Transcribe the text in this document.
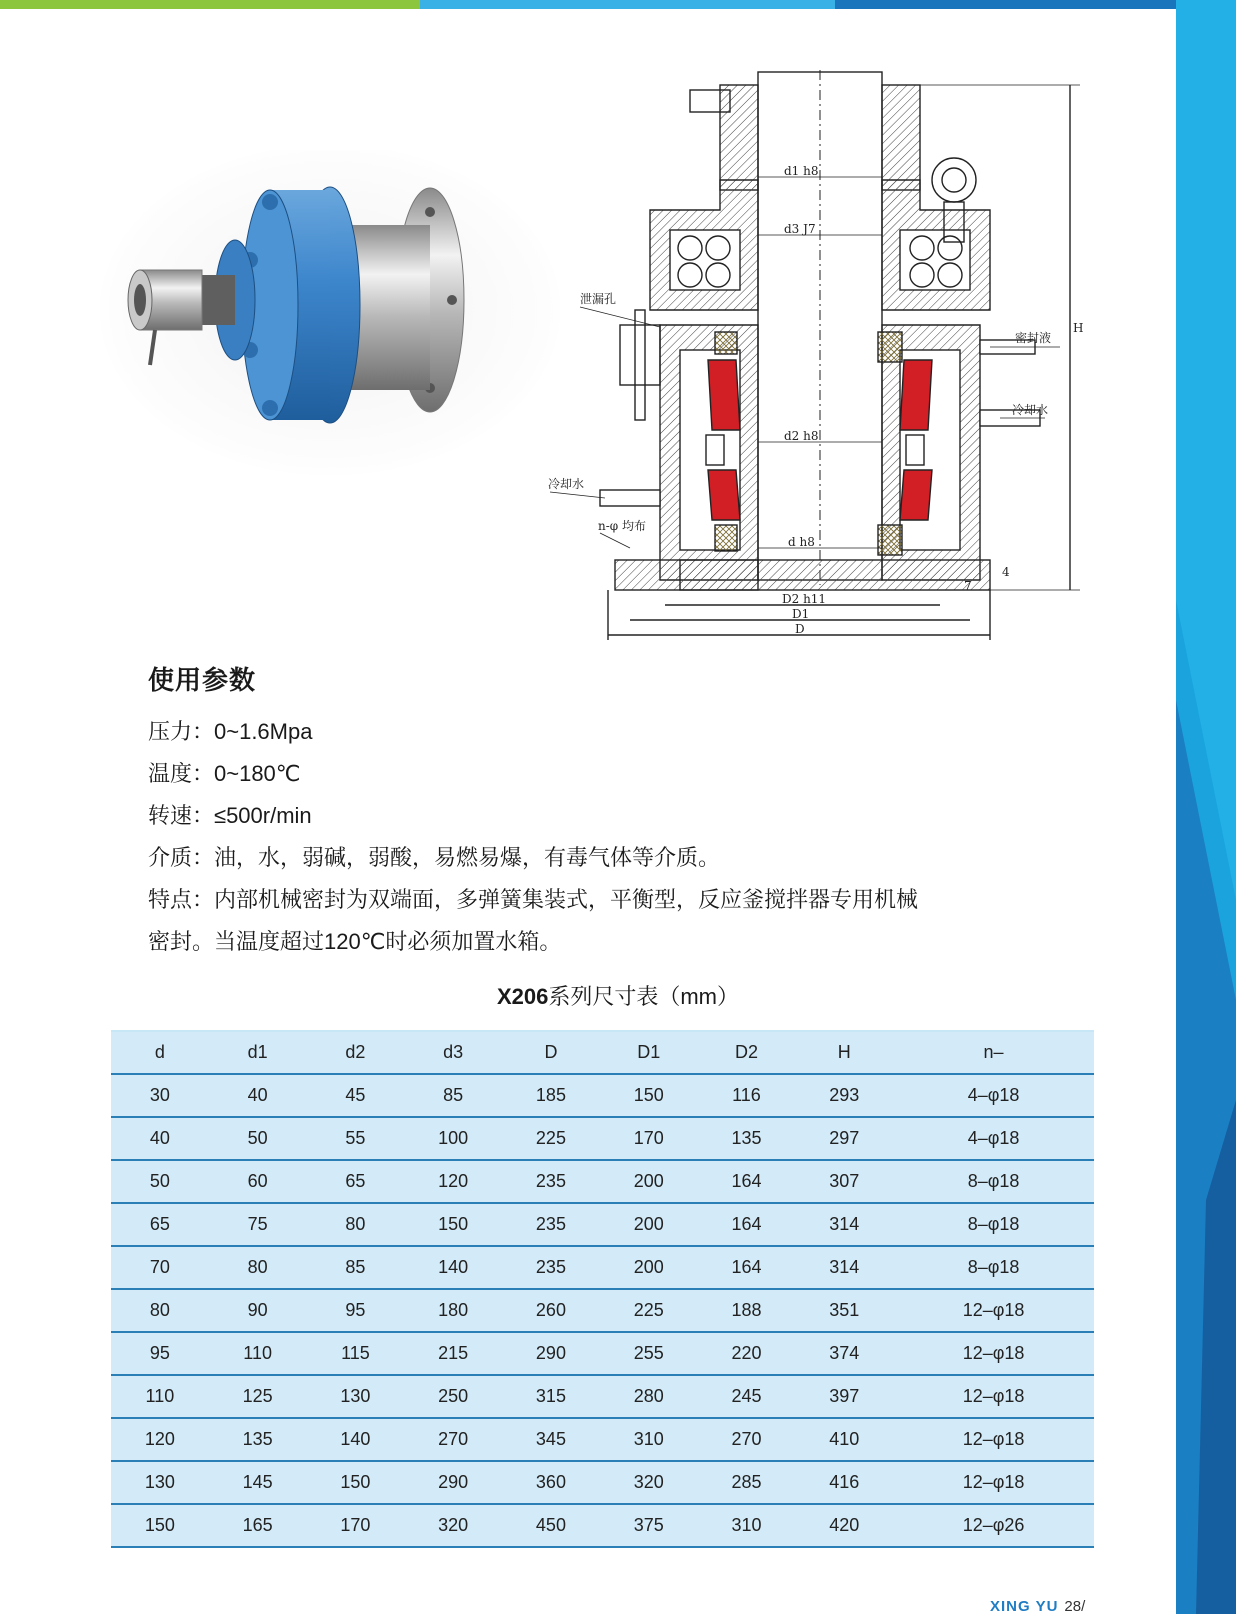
d1 h8
d3 J7
d2 h8
d h8
D2 h11
D1
D
H
泄漏孔
密封液
冷却水
冷却水
n-φ 均布
4
7
使用参数
压力：0~1.6Mpa
温度：0~180℃
转速：≤500r/min
介质：油，水，弱碱，弱酸，易燃易爆，有毒气体等介质。
特点：内部机械密封为双端面，多弹簧集装式，平衡型，反应釜搅拌器专用机械
密封。当温度超过120℃时必须加置水箱。
X206系列尺寸表（mm）
d	d1	d2	d3	D	D1	D2	H	n–
30	40	45	85	185	150	116	293	4–φ18
40	50	55	100	225	170	135	297	4–φ18
50	60	65	120	235	200	164	307	8–φ18
65	75	80	150	235	200	164	314	8–φ18
70	80	85	140	235	200	164	314	8–φ18
80	90	95	180	260	225	188	351	12–φ18
95	110	115	215	290	255	220	374	12–φ18
110	125	130	250	315	280	245	397	12–φ18
120	135	140	270	345	310	270	410	12–φ18
130	145	150	290	360	320	285	416	12–φ18
150	165	170	320	450	375	310	420	12–φ26
XING YU 28/
